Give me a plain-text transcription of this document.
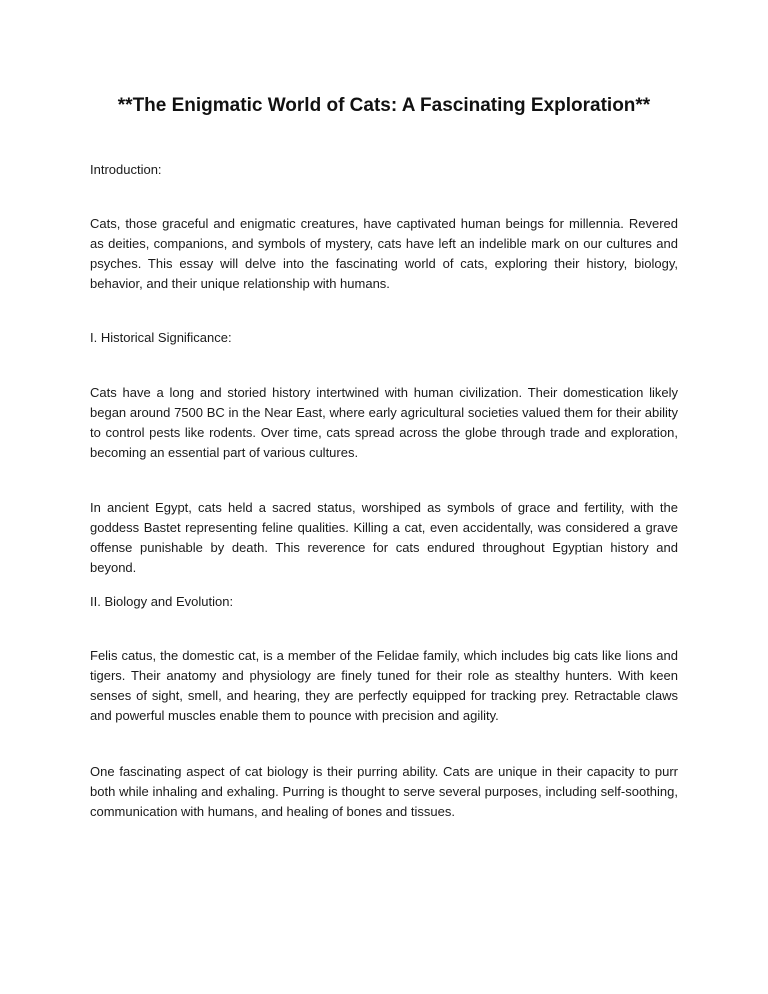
**The Enigmatic World of Cats: A Fascinating Exploration**

Introduction:

Cats, those graceful and enigmatic creatures, have captivated human beings for millennia. Revered as deities, companions, and symbols of mystery, cats have left an indelible mark on our cultures and psyches. This essay will delve into the fascinating world of cats, exploring their history, biology, behavior, and their unique relationship with humans.

I. Historical Significance:

Cats have a long and storied history intertwined with human civilization. Their domestication likely began around 7500 BC in the Near East, where early agricultural societies valued them for their ability to control pests like rodents. Over time, cats spread across the globe through trade and exploration, becoming an essential part of various cultures.

In ancient Egypt, cats held a sacred status, worshiped as symbols of grace and fertility, with the goddess Bastet representing feline qualities. Killing a cat, even accidentally, was considered a grave offense punishable by death. This reverence for cats endured throughout Egyptian history and beyond.

II. Biology and Evolution:

Felis catus, the domestic cat, is a member of the Felidae family, which includes big cats like lions and tigers. Their anatomy and physiology are finely tuned for their role as stealthy hunters. With keen senses of sight, smell, and hearing, they are perfectly equipped for tracking prey. Retractable claws and powerful muscles enable them to pounce with precision and agility.

One fascinating aspect of cat biology is their purring ability. Cats are unique in their capacity to purr both while inhaling and exhaling. Purring is thought to serve several purposes, including self-soothing, communication with humans, and healing of bones and tissues.
